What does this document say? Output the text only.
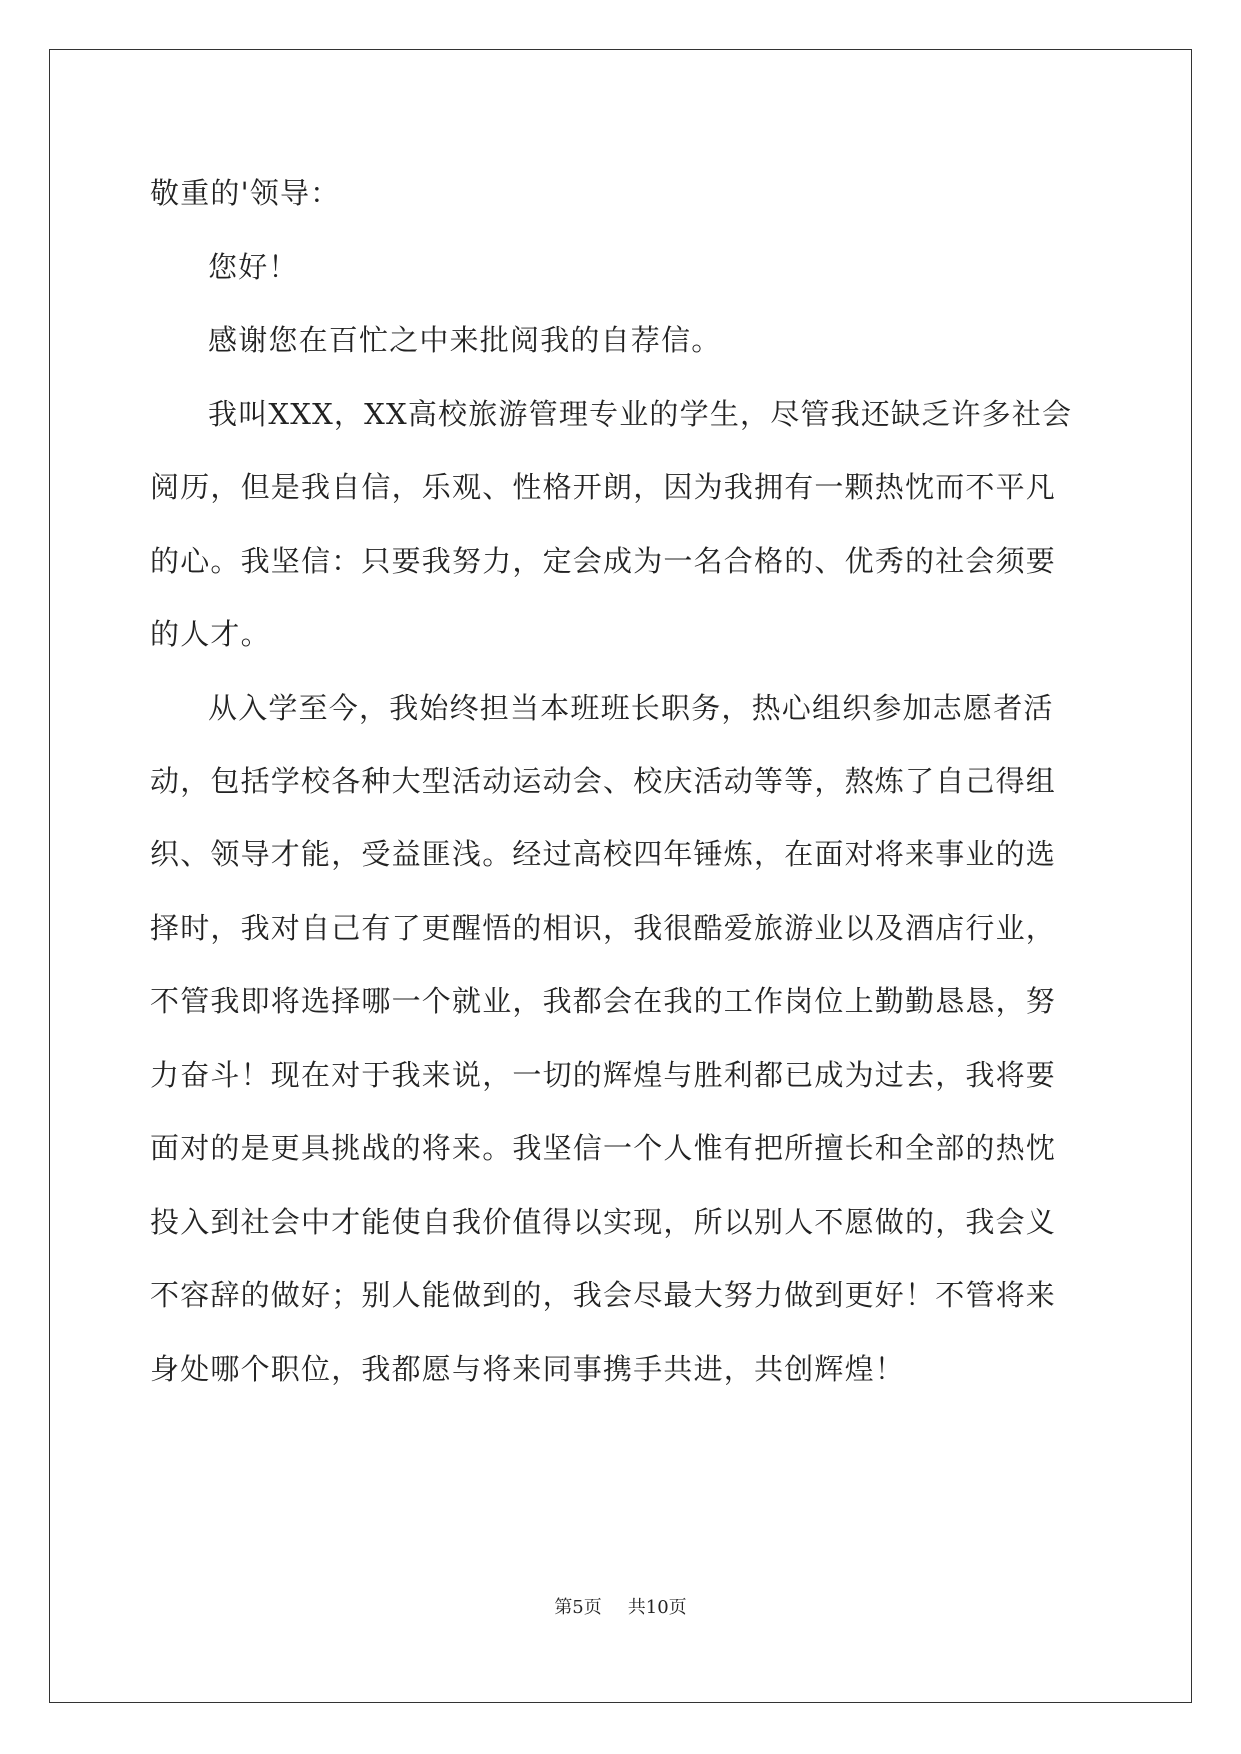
敬重的'领导：
您好！
感谢您在百忙之中来批阅我的自荐信。
我叫XXX，XX高校旅游管理专业的学生，尽管我还缺乏许多社会
阅历，但是我自信，乐观、性格开朗，因为我拥有一颗热忱而不平凡
的心。我坚信：只要我努力，定会成为一名合格的、优秀的社会须要
的人才。
从入学至今，我始终担当本班班长职务，热心组织参加志愿者活
动，包括学校各种大型活动运动会、校庆活动等等，熬炼了自己得组
织、领导才能，受益匪浅。经过高校四年锤炼，在面对将来事业的选
择时，我对自己有了更醒悟的相识，我很酷爱旅游业以及酒店行业，
不管我即将选择哪一个就业，我都会在我的工作岗位上勤勤恳恳，努
力奋斗！现在对于我来说，一切的辉煌与胜利都已成为过去，我将要
面对的是更具挑战的将来。我坚信一个人惟有把所擅长和全部的热忱
投入到社会中才能使自我价值得以实现，所以别人不愿做的，我会义
不容辞的做好；别人能做到的，我会尽最大努力做到更好！不管将来
身处哪个职位，我都愿与将来同事携手共进，共创辉煌！
第5页 共10页
